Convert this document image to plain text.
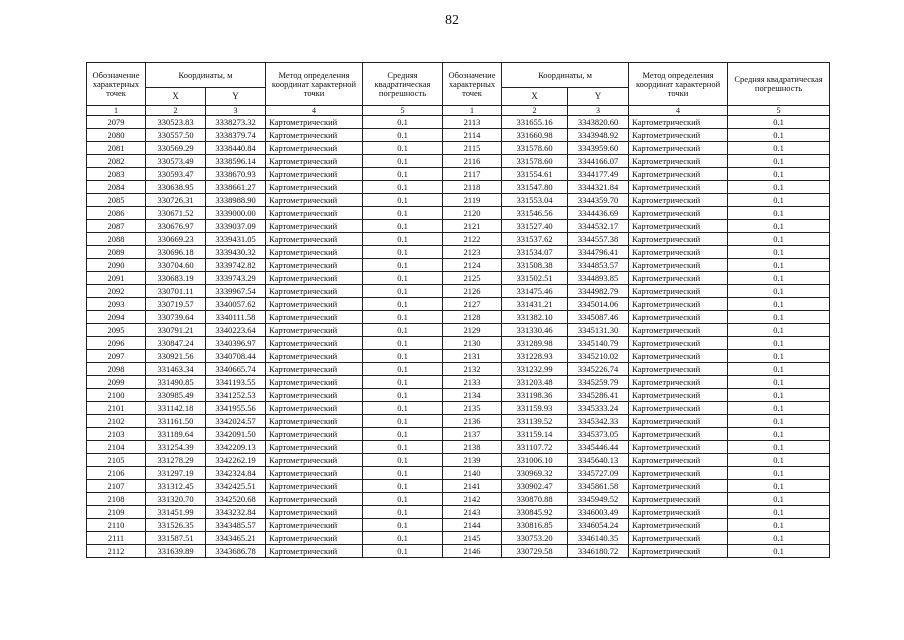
82
Обозначение характерных точек	Координаты, м		Метод определения координат характерной точки	Средняя квадратическая погрешность	Обозначение характерных точек	Координаты, м		Метод определения координат характерной точки	Средняя квадратическая погрешность
	X	Y				X	Y		
1	2	3	4	5	1	2	3	4	5
2079	330523.83	3338273.32	Картометрический	0.1	2113	331655.16	3343820.60	Картометрический	0.1
2080	330557.50	3338379.74	Картометрический	0.1	2114	331660.98	3343948.92	Картометрический	0.1
2081	330569.29	3338440.84	Картометрический	0.1	2115	331578.60	3343959.60	Картометрический	0.1
2082	330573.49	3338596.14	Картометрический	0.1	2116	331578.60	3344166.07	Картометрический	0.1
2083	330593.47	3338670.93	Картометрический	0.1	2117	331554.61	3344177.49	Картометрический	0.1
2084	330638.95	3338661.27	Картометрический	0.1	2118	331547.80	3344321.84	Картометрический	0.1
2085	330726.31	3338988.90	Картометрический	0.1	2119	331553.04	3344359.70	Картометрический	0.1
2086	330671.52	3339000.00	Картометрический	0.1	2120	331546.56	3344436.69	Картометрический	0.1
2087	330676.97	3339037.09	Картометрический	0.1	2121	331527.40	3344532.17	Картометрический	0.1
2088	330669.23	3339431.05	Картометрический	0.1	2122	331537.62	3344557.38	Картометрический	0.1
2089	330696.18	3339430.32	Картометрический	0.1	2123	331534.07	3344796.41	Картометрический	0.1
2090	330704.60	3339742.82	Картометрический	0.1	2124	331508.38	3344853.57	Картометрический	0.1
2091	330683.19	3339743.29	Картометрический	0.1	2125	331502.51	3344893.85	Картометрический	0.1
2092	330701.11	3339967.54	Картометрический	0.1	2126	331475.46	3344982.79	Картометрический	0.1
2093	330719.57	3340057.62	Картометрический	0.1	2127	331431.21	3345014.06	Картометрический	0.1
2094	330739.64	3340111.58	Картометрический	0.1	2128	331382.10	3345087.46	Картометрический	0.1
2095	330791.21	3340223.64	Картометрический	0.1	2129	331330.46	3345131.30	Картометрический	0.1
2096	330847.24	3340396.97	Картометрический	0.1	2130	331289.98	3345140.79	Картометрический	0.1
2097	330921.56	3340708.44	Картометрический	0.1	2131	331228.93	3345210.02	Картометрический	0.1
2098	331463.34	3340665.74	Картометрический	0.1	2132	331232.99	3345226.74	Картометрический	0.1
2099	331490.85	3341193.55	Картометрический	0.1	2133	331203.48	3345259.79	Картометрический	0.1
2100	330985.49	3341252.53	Картометрический	0.1	2134	331198.36	3345286.41	Картометрический	0.1
2101	331142.18	3341955.56	Картометрический	0.1	2135	331159.93	3345333.24	Картометрический	0.1
2102	331161.50	3342024.57	Картометрический	0.1	2136	331139.52	3345342.33	Картометрический	0.1
2103	331189.64	3342091.50	Картометрический	0.1	2137	331159.14	3345373.05	Картометрический	0.1
2104	331254.39	3342209.13	Картометрический	0.1	2138	331107.72	3345446.44	Картометрический	0.1
2105	331278.29	3342262.19	Картометрический	0.1	2139	331006.10	3345640.13	Картометрический	0.1
2106	331297.19	3342324.84	Картометрический	0.1	2140	330969.32	3345727.09	Картометрический	0.1
2107	331312.45	3342425.51	Картометрический	0.1	2141	330902.47	3345861.58	Картометрический	0.1
2108	331320.70	3342520.68	Картометрический	0.1	2142	330870.88	3345949.52	Картометрический	0.1
2109	331451.99	3343232.84	Картометрический	0.1	2143	330845.92	3346003.49	Картометрический	0.1
2110	331526.35	3343485.57	Картометрический	0.1	2144	330816.85	3346054.24	Картометрический	0.1
2111	331587.51	3343465.21	Картометрический	0.1	2145	330753.20	3346140.35	Картометрический	0.1
2112	331639.89	3343686.78	Картометрический	0.1	2146	330729.58	3346180.72	Картометрический	0.1
